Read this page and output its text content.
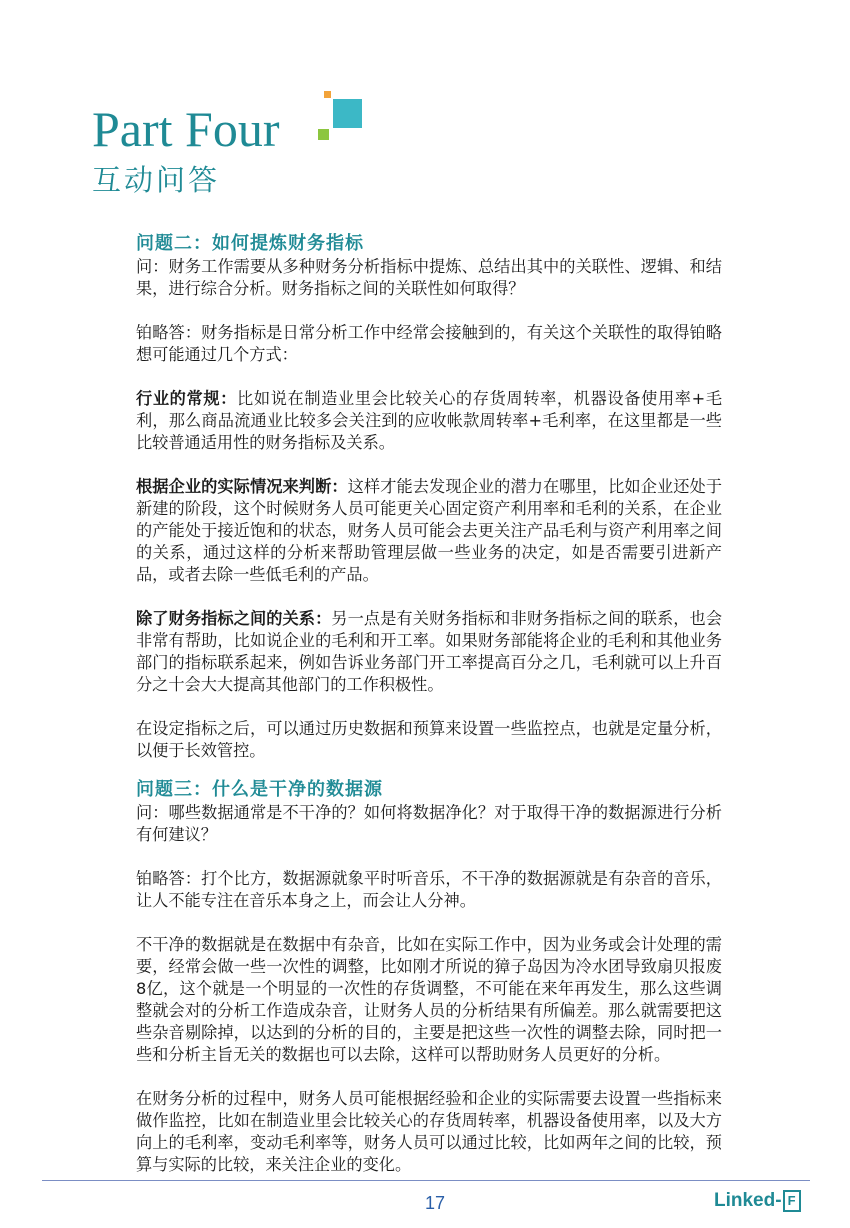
Part Four
互动问答
问题二：如何提炼财务指标

问：财务工作需要从多种财务分析指标中提炼、总结出其中的关联性、逻辑、和结果，进行综合分析。财务指标之间的关联性如何取得？

铂略答：财务指标是日常分析工作中经常会接触到的，有关这个关联性的取得铂略想可能通过几个方式：

行业的常规：比如说在制造业里会比较关心的存货周转率，机器设备使用率+毛利，那么商品流通业比较多会关注到的应收帐款周转率+毛利率，在这里都是一些比较普通适用性的财务指标及关系。

根据企业的实际情况来判断：这样才能去发现企业的潜力在哪里，比如企业还处于新建的阶段，这个时候财务人员可能更关心固定资产利用率和毛利的关系，在企业的产能处于接近饱和的状态，财务人员可能会去更关注产品毛利与资产利用率之间的关系，通过这样的分析来帮助管理层做一些业务的决定，如是否需要引进新产品，或者去除一些低毛利的产品。

除了财务指标之间的关系：另一点是有关财务指标和非财务指标之间的联系，也会非常有帮助，比如说企业的毛利和开工率。如果财务部能将企业的毛利和其他业务部门的指标联系起来，例如告诉业务部门开工率提高百分之几，毛利就可以上升百分之十会大大提高其他部门的工作积极性。

在设定指标之后，可以通过历史数据和预算来设置一些监控点，也就是定量分析，以便于长效管控。

问题三：什么是干净的数据源

问：哪些数据通常是不干净的？如何将数据净化？对于取得干净的数据源进行分析有何建议？

铂略答：打个比方，数据源就象平时听音乐，不干净的数据源就是有杂音的音乐，让人不能专注在音乐本身之上，而会让人分神。

不干净的数据就是在数据中有杂音，比如在实际工作中，因为业务或会计处理的需要，经常会做一些一次性的调整，比如刚才所说的獐子岛因为冷水团导致扇贝报废8亿，这个就是一个明显的一次性的存货调整，不可能在来年再发生，那么这些调整就会对的分析工作造成杂音，让财务人员的分析结果有所偏差。那么就需要把这些杂音剔除掉，以达到的分析的目的，主要是把这些一次性的调整去除，同时把一些和分析主旨无关的数据也可以去除，这样可以帮助财务人员更好的分析。

在财务分析的过程中，财务人员可能根据经验和企业的实际需要去设置一些指标来做作监控，比如在制造业里会比较关心的存货周转率，机器设备使用率，以及大方向上的毛利率，变动毛利率等，财务人员可以通过比较，比如两年之间的比较，预算与实际的比较，来关注企业的变化。

17	Linked- F
